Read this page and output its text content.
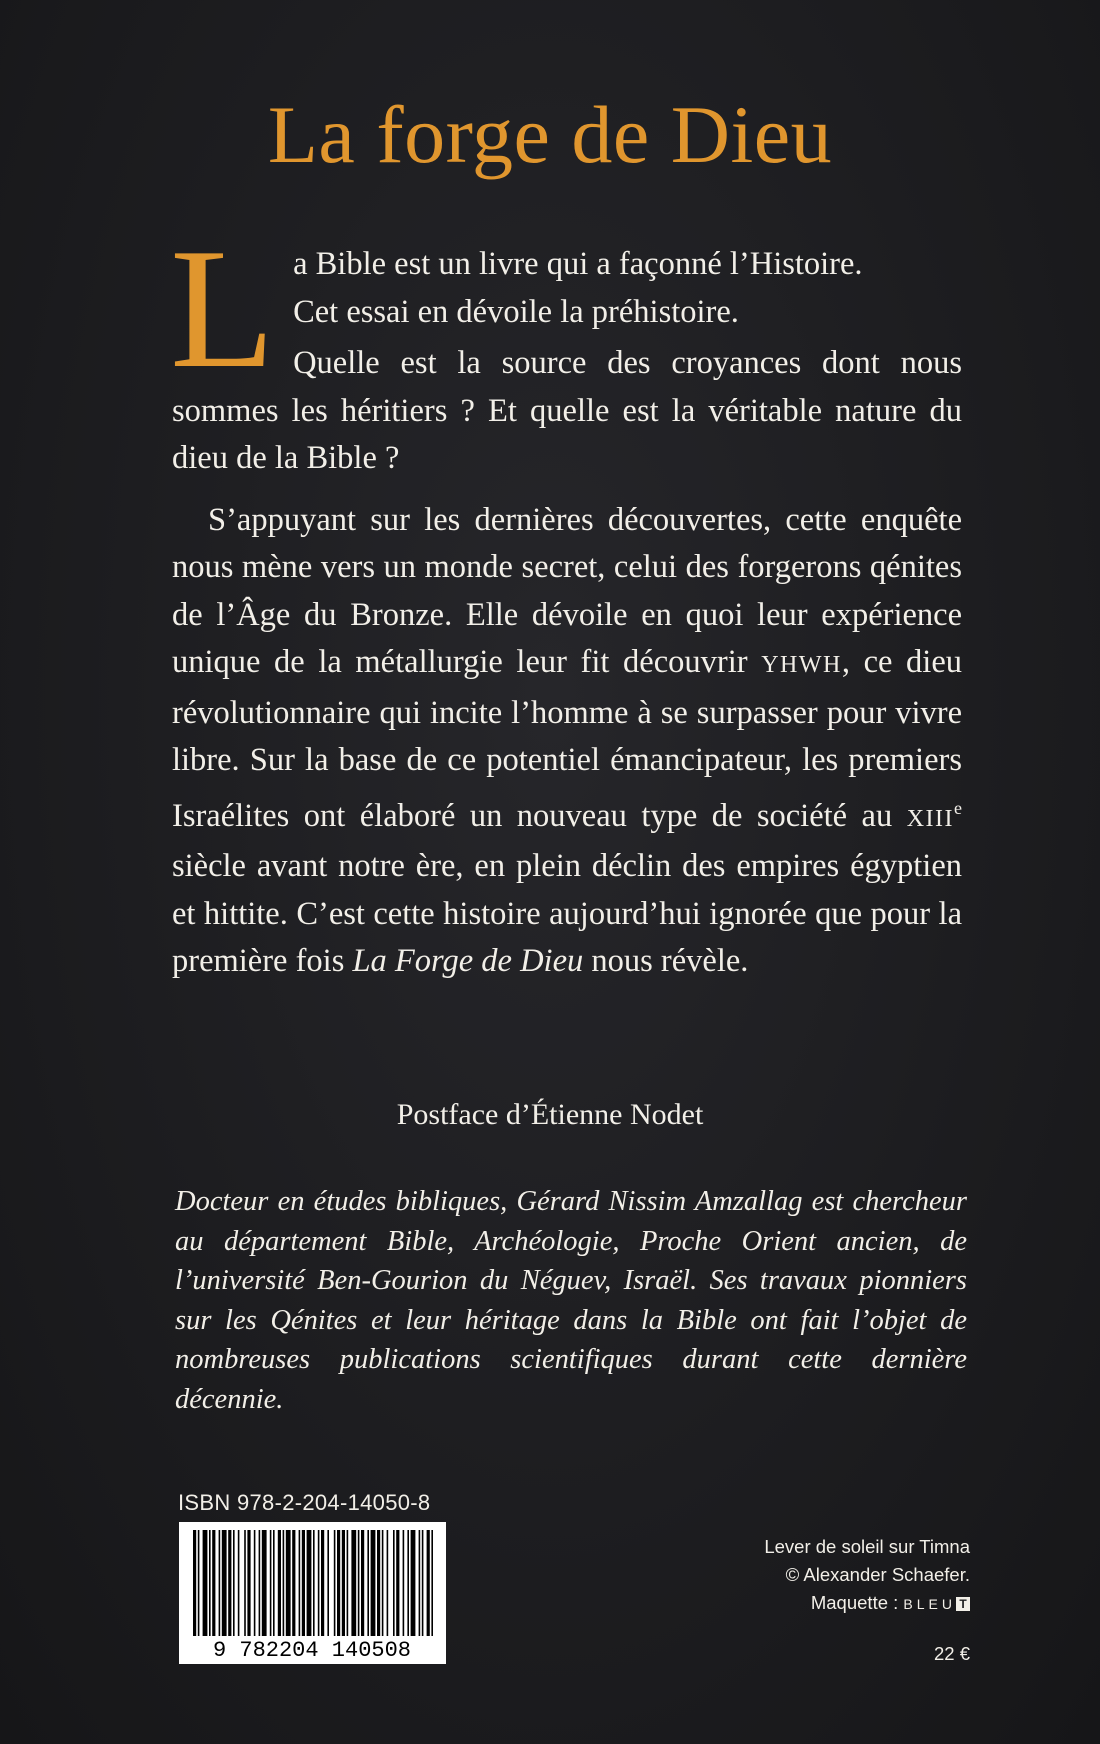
La forge de Dieu
L a Bible est un livre qui a façonné l’Histoire.
Cet essai en dévoile la préhistoire.
Quelle est la source des croyances dont nous sommes les héritiers ? Et quelle est la véritable nature du dieu de la Bible ?
S’appuyant sur les dernières découvertes, cette enquête nous mène vers un monde secret, celui des forgerons qénites de l’Âge du Bronze. Elle dévoile en quoi leur expérience unique de la métallurgie leur fit découvrir YHWH, ce dieu révolutionnaire qui incite l’homme à se surpasser pour vivre libre. Sur la base de ce potentiel émancipateur, les premiers Israélites ont élaboré un nouveau type de société au XIIIe siècle avant notre ère, en plein déclin des empires égyptien et hittite. C’est cette histoire aujourd’hui ignorée que pour la première fois La Forge de Dieu nous révèle.
Postface d’Étienne Nodet
Docteur en études bibliques, Gérard Nissim Amzallag est chercheur au département Bible, Archéologie, Proche Orient ancien, de l’université Ben-Gourion du Néguev, Israël. Ses travaux pionniers sur les Qénites et leur héritage dans la Bible ont fait l’objet de nombreuses publications scientifiques durant cette dernière décennie.
ISBN 978-2-204-14050-8
9 782204 140508
Lever de soleil sur Timna
© Alexander Schaefer.
Maquette : BLEU T
22 €
